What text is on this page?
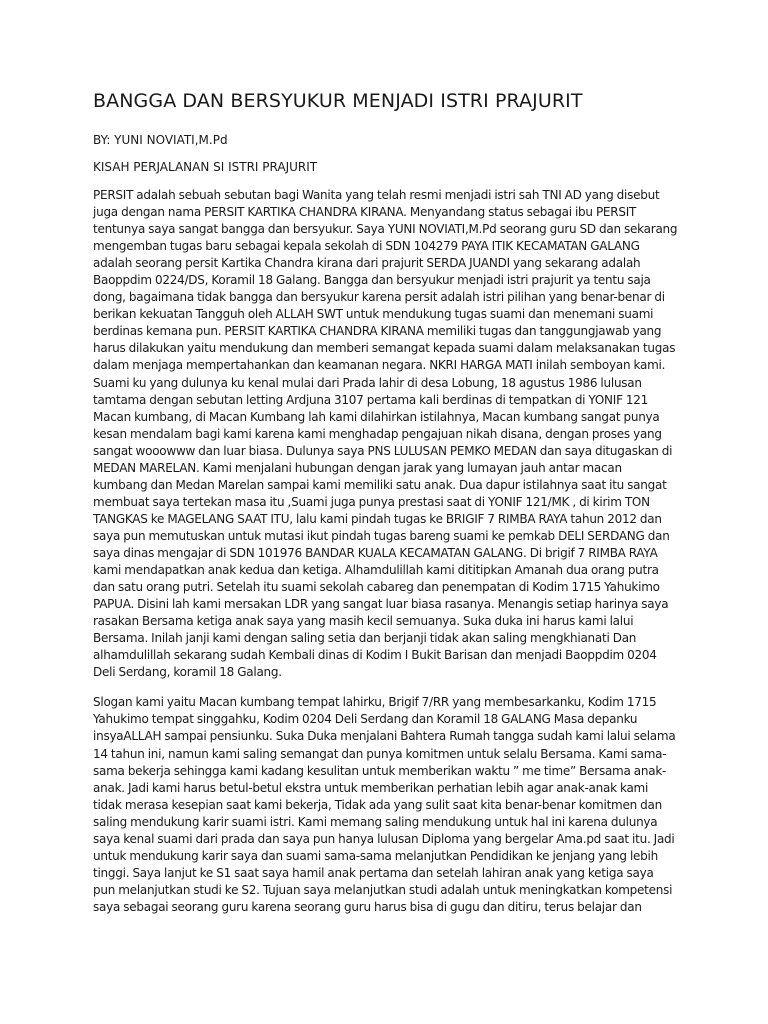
BANGGA DAN BERSYUKUR MENJADI ISTRI PRAJURIT

BY: YUNI NOVIATI,M.Pd

KISAH PERJALANAN SI ISTRI PRAJURIT

PERSIT adalah sebuah sebutan bagi Wanita yang telah resmi menjadi istri sah TNI AD yang disebut juga dengan nama PERSIT KARTIKA CHANDRA KIRANA. Menyandang status sebagai ibu PERSIT tentunya saya sangat bangga dan bersyukur. Saya YUNI NOVIATI,M.Pd seorang guru SD dan sekarang mengemban tugas baru sebagai kepala sekolah di SDN 104279 PAYA ITIK KECAMATAN GALANG adalah seorang persit Kartika Chandra kirana dari prajurit SERDA JUANDI yang sekarang adalah Baoppdim 0224/DS, Koramil 18 Galang. Bangga dan bersyukur menjadi istri prajurit ya tentu saja dong, bagaimana tidak bangga dan bersyukur karena persit adalah istri pilihan yang benar-benar di berikan kekuatan Tangguh oleh ALLAH SWT untuk mendukung tugas suami dan menemani suami berdinas kemana pun. PERSIT KARTIKA CHANDRA KIRANA memiliki tugas dan tanggungjawab yang harus dilakukan yaitu mendukung dan memberi semangat kepada suami dalam melaksanakan tugas dalam menjaga mempertahankan dan keamanan negara. NKRI HARGA MATI inilah semboyan kami. Suami ku yang dulunya ku kenal mulai dari Prada lahir di desa Lobung, 18 agustus 1986 lulusan tamtama dengan sebutan letting Ardjuna 3107 pertama kali berdinas di tempatkan di YONIF 121 Macan kumbang, di Macan Kumbang lah kami dilahirkan istilahnya, Macan kumbang sangat punya kesan mendalam bagi kami karena kami menghadap pengajuan nikah disana, dengan proses yang sangat wooowww dan luar biasa. Dulunya saya PNS LULUSAN PEMKO MEDAN dan saya ditugaskan di MEDAN MARELAN. Kami menjalani hubungan dengan jarak yang lumayan jauh antar macan kumbang dan Medan Marelan sampai kami memiliki satu anak. Dua dapur istilahnya saat itu sangat membuat saya tertekan masa itu ,Suami juga punya prestasi saat di YONIF 121/MK , di kirim TON TANGKAS ke MAGELANG SAAT ITU, lalu kami pindah tugas ke BRIGIF 7 RIMBA RAYA tahun 2012 dan saya pun memutuskan untuk mutasi ikut pindah tugas bareng suami ke pemkab DELI SERDANG dan saya dinas mengajar di SDN 101976 BANDAR KUALA KECAMATAN GALANG. Di brigif 7 RIMBA RAYA kami mendapatkan anak kedua dan ketiga. Alhamdulillah kami dititipkan Amanah dua orang putra dan satu orang putri. Setelah itu suami sekolah cabareg dan penempatan di Kodim 1715 Yahukimo PAPUA. Disini lah kami mersakan LDR yang sangat luar biasa rasanya. Menangis setiap harinya saya rasakan Bersama ketiga anak saya yang masih kecil semuanya. Suka duka ini harus kami lalui Bersama. Inilah janji kami dengan saling setia dan berjanji tidak akan saling mengkhianati Dan alhamdulillah sekarang sudah Kembali dinas di Kodim I Bukit Barisan dan menjadi Baoppdim 0204 Deli Serdang, koramil 18 Galang.

Slogan kami yaitu Macan kumbang tempat lahirku, Brigif 7/RR yang membesarkanku, Kodim 1715 Yahukimo tempat singgahku, Kodim 0204 Deli Serdang dan Koramil 18 GALANG Masa depanku insyaALLAH sampai pensiunku. Suka Duka menjalani Bahtera Rumah tangga sudah kami lalui selama 14 tahun ini, namun kami saling semangat dan punya komitmen untuk selalu Bersama. Kami sama-sama bekerja sehingga kami kadang kesulitan untuk memberikan waktu ” me time” Bersama anak-anak. Jadi kami harus betul-betul ekstra untuk memberikan perhatian lebih agar anak-anak kami tidak merasa kesepian saat kami bekerja, Tidak ada yang sulit saat kita benar-benar komitmen dan saling mendukung karir suami istri. Kami memang saling mendukung untuk hal ini karena dulunya saya kenal suami dari prada dan saya pun hanya lulusan Diploma yang bergelar Ama.pd saat itu. Jadi untuk mendukung karir saya dan suami sama-sama melanjutkan Pendidikan ke jenjang yang lebih tinggi. Saya lanjut ke S1 saat saya hamil anak pertama dan setelah lahiran anak yang ketiga saya pun melanjutkan studi ke S2. Tujuan saya melanjutkan studi adalah untuk meningkatkan kompetensi saya sebagai seorang guru karena seorang guru harus bisa di gugu dan ditiru, terus belajar dan
